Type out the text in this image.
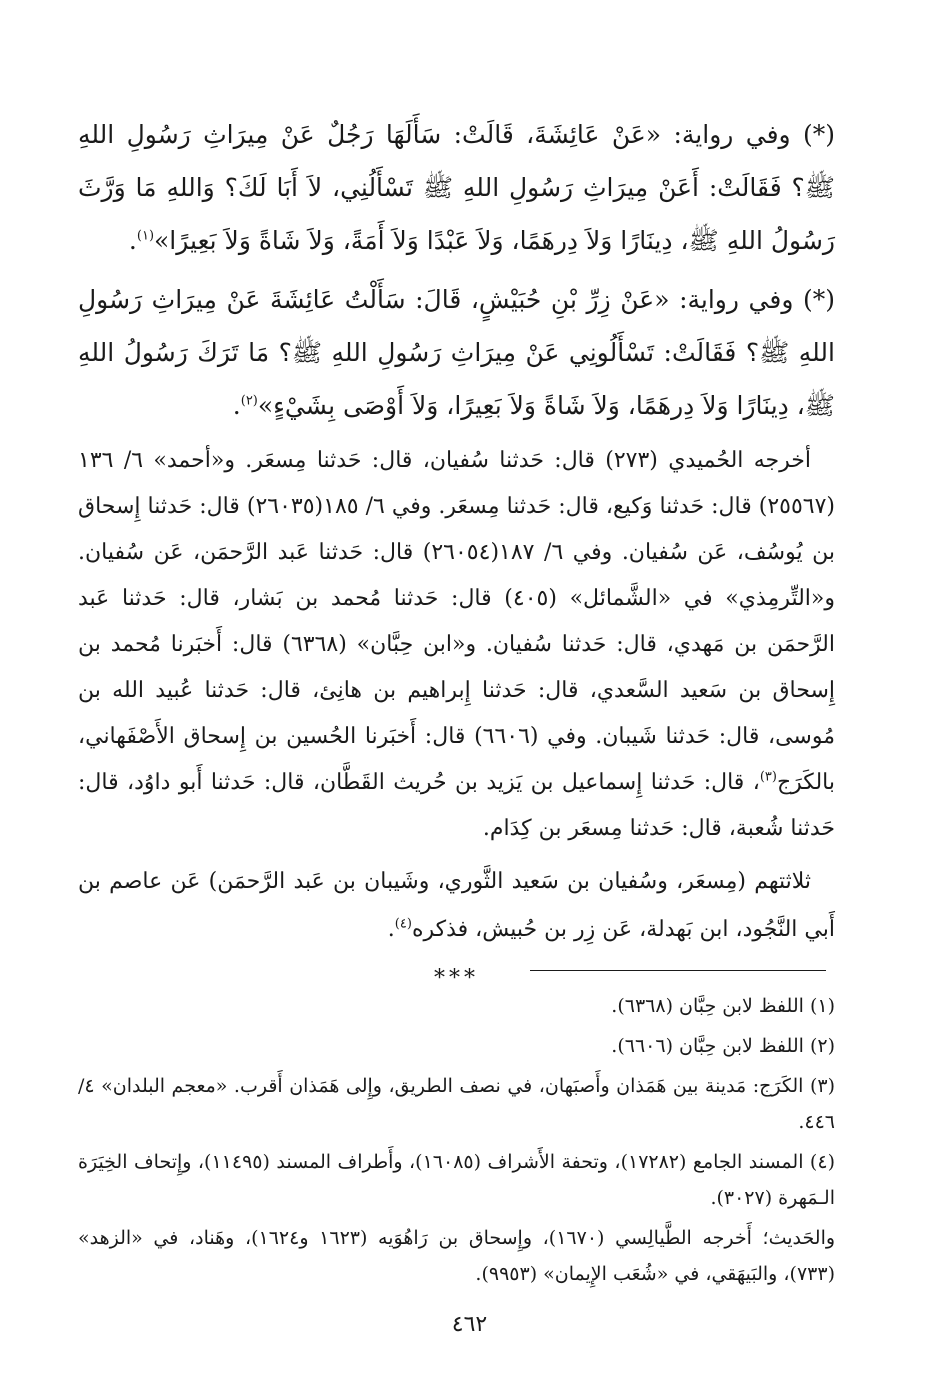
(*) وفي رواية: «عَنْ عَائِشَةَ، قَالَتْ: سَأَلَهَا رَجُلٌ عَنْ مِيرَاثِ رَسُولِ اللهِ ﷺ؟ فَقَالَتْ: أَعَنْ مِيرَاثِ رَسُولِ اللهِ ﷺ تَسْأَلُنِي، لاَ أَبَا لَكَ؟ وَاللهِ مَا وَرَّثَ رَسُولُ اللهِ ﷺ، دِينَارًا وَلاَ دِرهَمًا، وَلاَ عَبْدًا وَلاَ أَمَةً، وَلاَ شَاةً وَلاَ بَعِيرًا»$^{(١)}$.

(*) وفي رواية: «عَنْ زِرِّ بْنِ حُبَيْشٍ، قَالَ: سَأَلْتُ عَائِشَةَ عَنْ مِيرَاثِ رَسُولِ اللهِ ﷺ؟ فَقَالَتْ: تَسْأَلُونِي عَنْ مِيرَاثِ رَسُولِ اللهِ ﷺ؟ مَا تَرَكَ رَسُولُ اللهِ ﷺ، دِينَارًا وَلاَ دِرهَمًا، وَلاَ شَاةً وَلاَ بَعِيرًا، وَلاَ أَوْصَى بِشَيْءٍ»$^{(٢)}$.

أخرجه الحُميدي (٢٧٣) قال: حَدثنا سُفيان، قال: حَدثنا مِسعَر. و«أحمد» ٦/ ١٣٦ (٢٥٥٦٧) قال: حَدثنا وَكيع، قال: حَدثنا مِسعَر. وفي ٦/ ١٨٥(٢٦٠٣٥) قال: حَدثنا إِسحاق بن يُوسُف، عَن سُفيان. وفي ٦/ ١٨٧(٢٦٠٥٤) قال: حَدثنا عَبد الرَّحمَن، عَن سُفيان. و«التِّرمِذي» في «الشَّمائل» (٤٠٥) قال: حَدثنا مُحمد بن بَشار، قال: حَدثنا عَبد الرَّحمَن بن مَهدي، قال: حَدثنا سُفيان. و«ابن حِبَّان» (٦٣٦٨) قال: أَخبَرنا مُحمد بن إِسحاق بن سَعيد السَّعدي، قال: حَدثنا إِبراهيم بن هانِئ، قال: حَدثنا عُبيد الله بن مُوسى، قال: حَدثنا شَيبان. وفي (٦٦٠٦) قال: أَخبَرنا الحُسين بن إِسحاق الأَصْفَهاني، بالكَرَج$^{(٣)}$، قال: حَدثنا إِسماعيل بن يَزيد بن حُريث القَطَّان، قال: حَدثنا أَبو داوُد، قال: حَدثنا شُعبة، قال: حَدثنا مِسعَر بن كِدَام.

ثلاثتهم (مِسعَر، وسُفيان بن سَعيد الثَّوري، وشَيبان بن عَبد الرَّحمَن) عَن عاصم بن أَبي النَّجُود، ابن بَهدلة، عَن زِر بن حُبيش، فذكره$^{(٤)}$.

***

(١) اللفظ لابن حِبَّان (٦٣٦٨).

(٢) اللفظ لابن حِبَّان (٦٦٠٦).

(٣) الكَرَج: مَدينة بين هَمَذان وأَصبَهان، في نصف الطريق، وإِلى هَمَذان أَقرب. «معجم البلدان» ٤/ ٤٤٦.

(٤) المسند الجامع (١٧٢٨٢)، وتحفة الأَشراف (١٦٠٨٥)، وأَطراف المسند (١١٤٩٥)، وإِتحاف الخِيَرَة الـمَهرة (٣٠٢٧).

والحَديث؛ أَخرجه الطَّيالِسي (١٦٧٠)، وإِسحاق بن رَاهُوَيه (١٦٢٣ و١٦٢٤)، وهَناد، في «الزهد» (٧٣٣)، والبَيهَقي، في «شُعَب الإِيمان» (٩٩٥٣).

٤٦٢
